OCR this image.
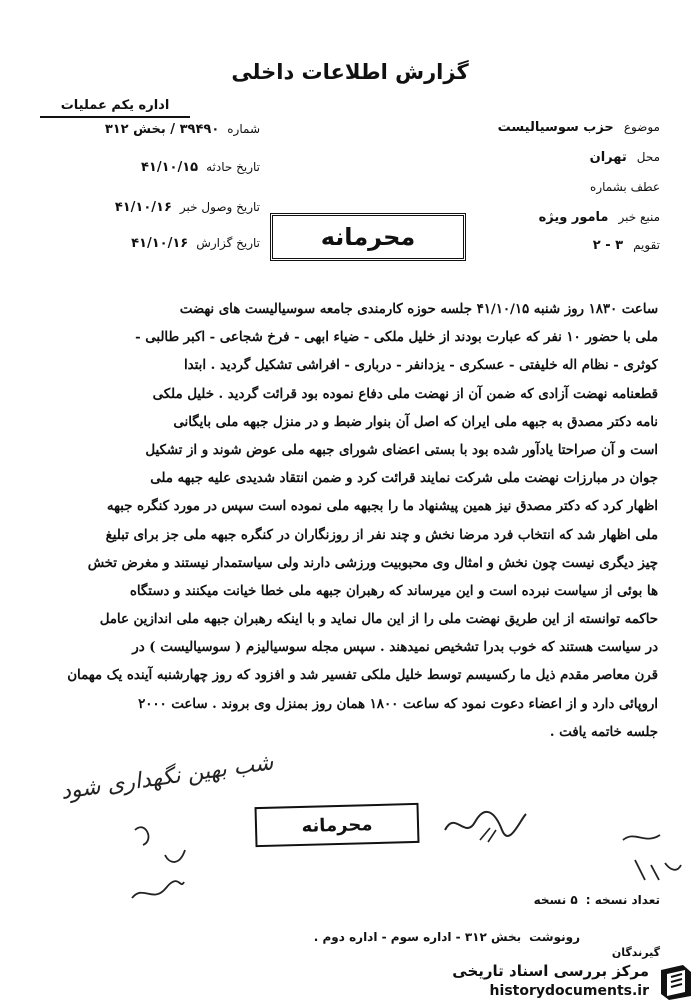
گزارش اطلاعات داخلی
اداره یکم عملیات
شماره
۳۹۴۹۰ / بخش ۳۱۲
تاریخ حادثه
۴۱/۱۰/۱۵
تاریخ وصول خبر
۴۱/۱۰/۱۶
تاریخ گزارش
۴۱/۱۰/۱۶
موضوع
حزب سوسیالیست
محل
تهران
عطف بشماره
منبع خبر
مامور ویژه
تقویم
۳ - ۲
محرمانه
ساعت ۱۸۳۰ روز شنبه ۴۱/۱۰/۱۵ جلسه حوزه کارمندی جامعه سوسیالیست های نهضت
ملی با حضور ۱۰ نفر که عبارت بودند از خلیل ملکی - ضیاء ابهی - فرخ شجاعی - اکبر طالبی -
کوثری - نظام اله خلیفتی - عسکری - یزدانفر - درباری - افراشی تشکیل گردید . ابتدا
قطعنامه نهضت آزادی که ضمن آن از نهضت ملی دفاع نموده بود قرائت گردید . خلیل ملکی
نامه دکتر مصدق به جبهه ملی ایران که اصل آن بنوار ضبط و در منزل جبهه ملی بایگانی
است و آن صراحتا یادآور شده بود با بستی اعضای شورای جبهه ملی عوض شوند و از تشکیل
جوان در مبارزات نهضت ملی شرکت نمایند قرائت کرد و ضمن انتقاد شدیدی علیه جبهه ملی
اظهار کرد که دکتر مصدق نیز همین پیشنهاد ما را بجبهه ملی نموده است سپس در مورد کنگره جبهه
ملی اظهار شد که انتخاب فرد مرضا نخش و چند نفر از روزنگاران در کنگره جبهه ملی جز برای تبلیغ
چیز دیگری نیست چون نخش و امثال وی محبوبیت ورزشی دارند ولی سیاستمدار نیستند و مغرض تخش
ها بوئی از سیاست نبرده است و این میرساند که رهبران جبهه ملی خطا خیانت میکنند و دستگاه
حاکمه توانسته از این طریق نهضت ملی را از این مال نماید و با اینکه رهبران جبهه ملی اندازین عامل
در سیاست هستند که خوب بدرا تشخیص نمیدهند . سپس مجله سوسیالیزم ( سوسیالیست ) در
قرن معاصر مقدم ذیل ما رکسیسم توسط خلیل ملکی تفسیر شد و افزود که روز چهارشنبه آینده یک مهمان
اروپائی دارد و از اعضاء دعوت نمود که ساعت ۱۸۰۰ همان روز بمنزل وی بروند . ساعت ۲۰۰۰
جلسه خاتمه یافت .
شب بهین نگهداری شود
محرمانه
تعداد نسخه :
۵ نسخه
رونوشت
بخش ۳۱۲ - اداره سوم - اداره دوم .
گیرندگان
مرکز بررسی اسناد تاریخی
historydocuments.ir
